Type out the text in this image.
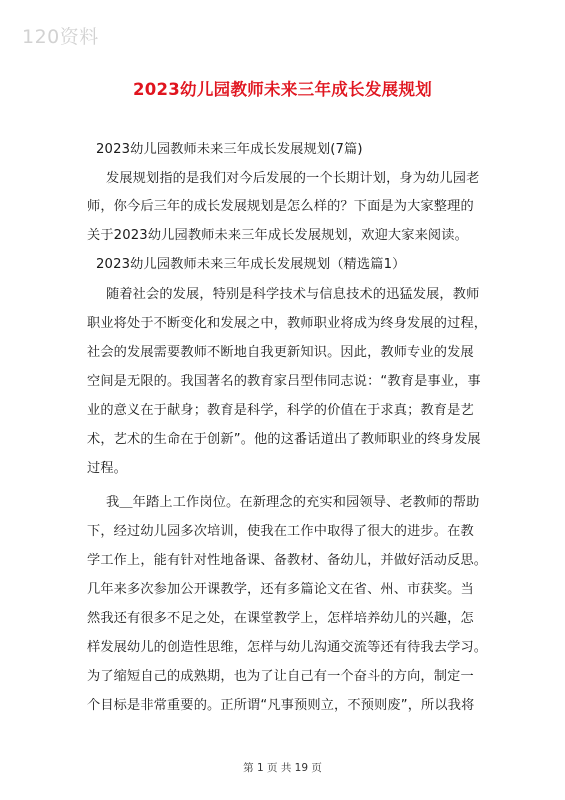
120资料
2023幼儿园教师未来三年成长发展规划
2023幼儿园教师未来三年成长发展规划(7篇)
发展规划指的是我们对今后发展的一个长期计划，身为幼儿园老
师，你今后三年的成长发展规划是怎么样的？下面是为大家整理的
关于2023幼儿园教师未来三年成长发展规划，欢迎大家来阅读。
2023幼儿园教师未来三年成长发展规划（精选篇1）
随着社会的发展，特别是科学技术与信息技术的迅猛发展，教师
职业将处于不断变化和发展之中，教师职业将成为终身发展的过程，
社会的发展需要教师不断地自我更新知识。因此，教师专业的发展
空间是无限的。我国著名的教育家吕型伟同志说：“教育是事业，事
业的意义在于献身；教育是科学，科学的价值在于求真；教育是艺
术，艺术的生命在于创新”。他的这番话道出了教师职业的终身发展
过程。
我＿年踏上工作岗位。在新理念的充实和园领导、老教师的帮助
下，经过幼儿园多次培训，使我在工作中取得了很大的进步。在教
学工作上，能有针对性地备课、备教材、备幼儿，并做好活动反思。
几年来多次参加公开课教学，还有多篇论文在省、州、市获奖。当
然我还有很多不足之处，在课堂教学上，怎样培养幼儿的兴趣，怎
样发展幼儿的创造性思维，怎样与幼儿沟通交流等还有待我去学习。
为了缩短自己的成熟期，也为了让自己有一个奋斗的方向，制定一
个目标是非常重要的。正所谓“凡事预则立，不预则废”，所以我将
第 1 页 共 19 页
